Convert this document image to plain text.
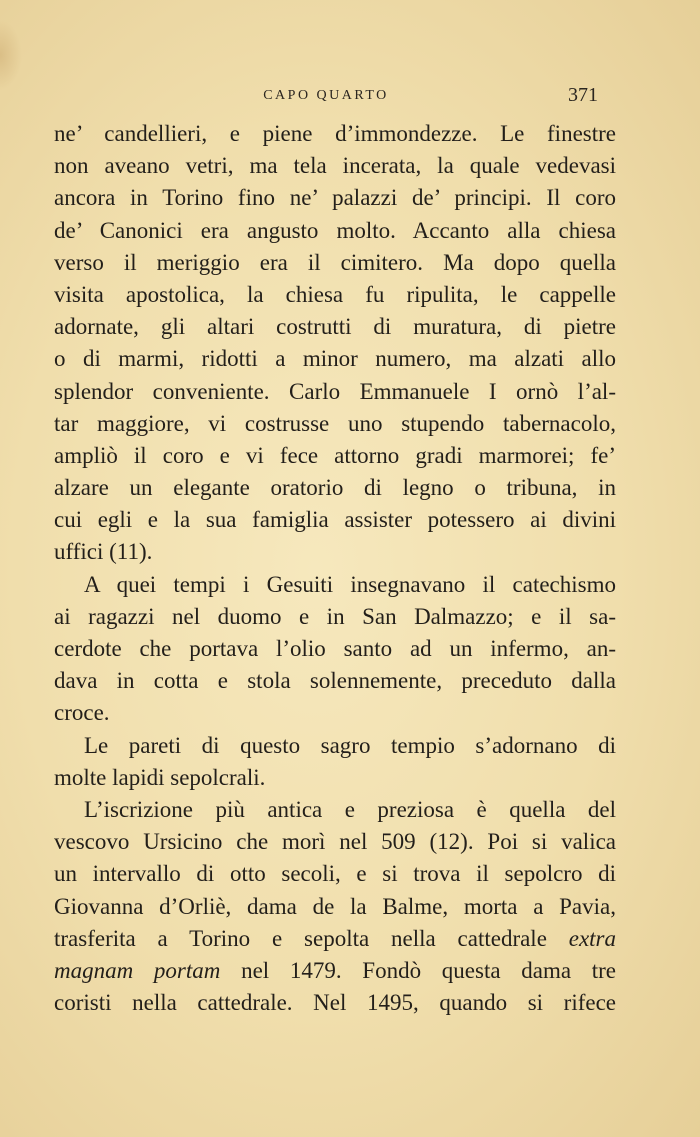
CAPO QUARTO	371
ne’ candellieri, e piene d’immondezze. Le finestre
non aveano vetri, ma tela incerata, la quale vedevasi
ancora in Torino fino ne’ palazzi de’ principi. Il coro
de’ Canonici era angusto molto. Accanto alla chiesa
verso il meriggio era il cimitero. Ma dopo quella
visita apostolica, la chiesa fu ripulita, le cappelle
adornate, gli altari costrutti di muratura, di pietre
o di marmi, ridotti a minor numero, ma alzati allo
splendor conveniente. Carlo Emmanuele I ornò l’al-
tar maggiore, vi costrusse uno stupendo tabernacolo,
ampliò il coro e vi fece attorno gradi marmorei; fe’
alzare un elegante oratorio di legno o tribuna, in
cui egli e la sua famiglia assister potessero ai divini
uffici (11).
A quei tempi i Gesuiti insegnavano il catechismo
ai ragazzi nel duomo e in San Dalmazzo; e il sa-
cerdote che portava l’olio santo ad un infermo, an-
dava in cotta e stola solennemente, preceduto dalla
croce.
Le pareti di questo sagro tempio s’adornano di
molte lapidi sepolcrali.
L’iscrizione più antica e preziosa è quella del
vescovo Ursicino che morì nel 509 (12). Poi si valica
un intervallo di otto secoli, e si trova il sepolcro di
Giovanna d’Orliè, dama de la Balme, morta a Pavia,
trasferita a Torino e sepolta nella cattedrale extra
magnam portam nel 1479. Fondò questa dama tre
coristi nella cattedrale. Nel 1495, quando si rifece
